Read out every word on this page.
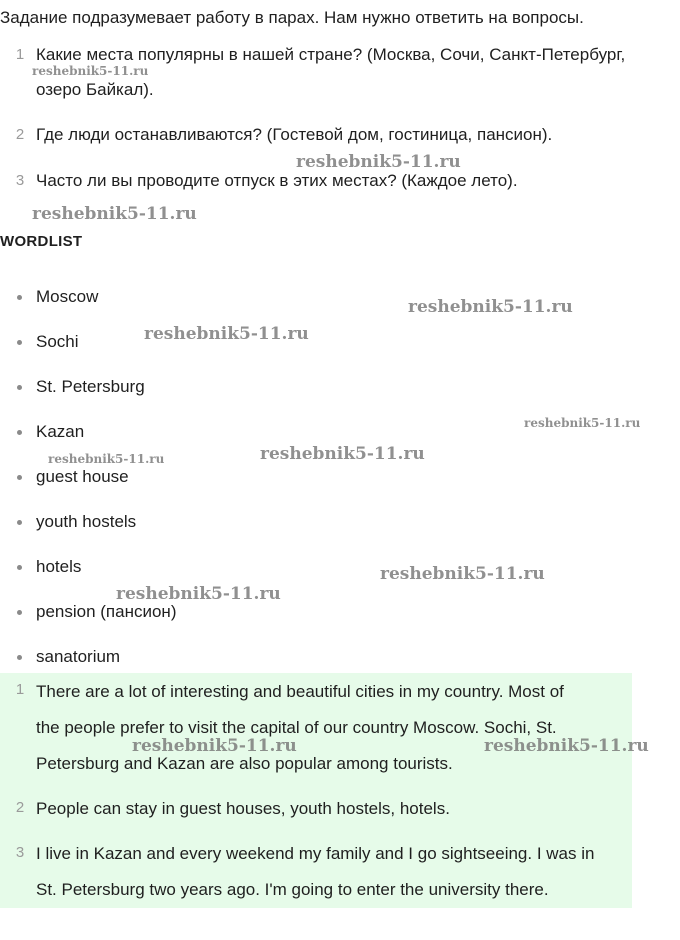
Задание подразумевает работу в парах. Нам нужно ответить на вопросы.

1 Какие места популярны в нашей стране? (Москва, Сочи, Санкт-Петербург,
озеро Байкал).
2 Где люди останавливаются? (Гостевой дом, гостиница, пансион).
3 Часто ли вы проводите отпуск в этих местах? (Каждое лето).
WORDLIST
Moscow
Sochi
St. Petersburg
Kazan
guest house
youth hostels
hotels
pension (пансион)
sanatorium
1 There are a lot of interesting and beautiful cities in my country. Most of
the people prefer to visit the capital of our country Moscow. Sochi, St.
Petersburg and Kazan are also popular among tourists.
2 People can stay in guest houses, youth hostels, hotels.
3 I live in Kazan and every weekend my family and I go sightseeing. I was in
St. Petersburg two years ago. I'm going to enter the university there.
reshebnik5-11.ru
reshebnik5-11.ru
reshebnik5-11.ru
reshebnik5-11.ru
reshebnik5-11.ru
reshebnik5-11.ru
reshebnik5-11.ru
reshebnik5-11.ru
reshebnik5-11.ru
reshebnik5-11.ru
reshebnik5-11.ru	reshebnik5-11.ru
